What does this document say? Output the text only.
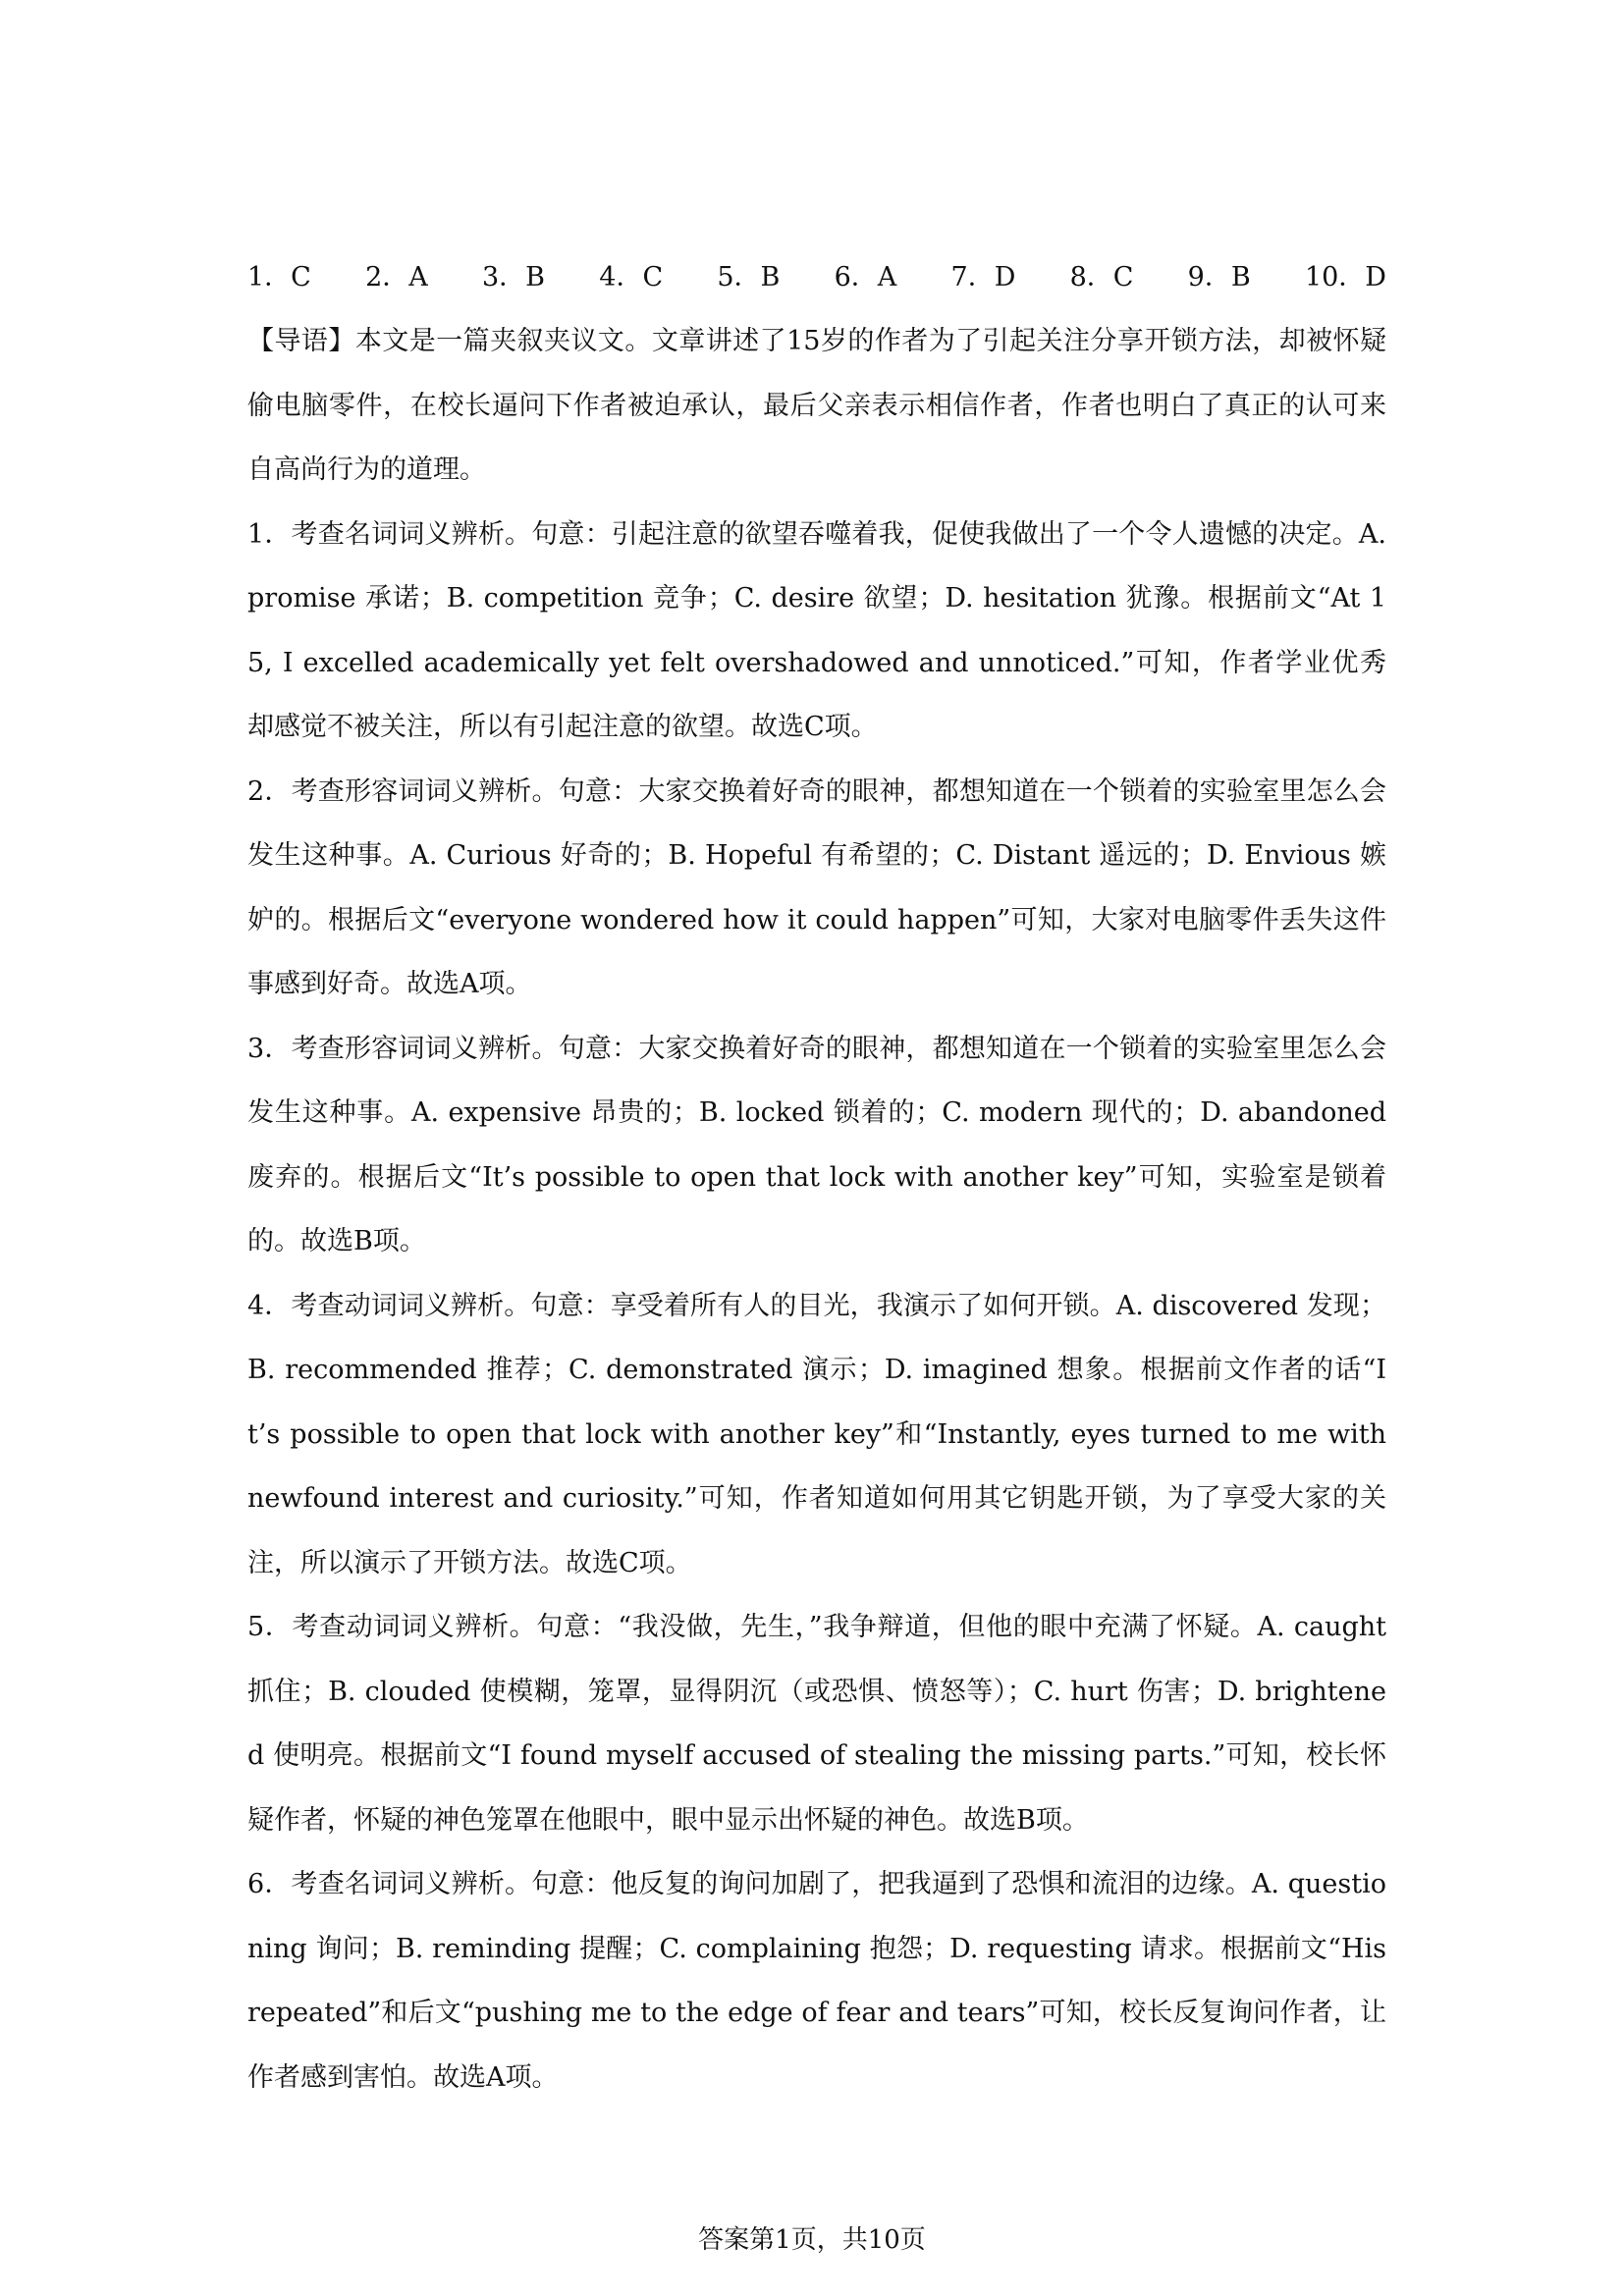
1．C 2．A 3．B 4．C 5．B 6．A 7．D 8．C 9．B 10．D

【导语】本文是一篇夹叙夹议文。文章讲述了15岁的作者为了引起关注分享开锁方法，却被怀疑偷电脑零件，在校长逼问下作者被迫承认，最后父亲表示相信作者，作者也明白了真正的认可来自高尚行为的道理。

1．考查名词词义辨析。句意：引起注意的欲望吞噬着我，促使我做出了一个令人遗憾的决定。A. promise 承诺；B. competition 竞争；C. desire 欲望；D. hesitation 犹豫。根据前文“At 15, I excelled academically yet felt overshadowed and unnoticed.”可知，作者学业优秀却感觉不被关注，所以有引起注意的欲望。故选C项。

2．考查形容词词义辨析。句意：大家交换着好奇的眼神，都想知道在一个锁着的实验室里怎么会发生这种事。A. Curious 好奇的；B. Hopeful 有希望的；C. Distant 遥远的；D. Envious 嫉妒的。根据后文“everyone wondered how it could happen”可知，大家对电脑零件丢失这件事感到好奇。故选A项。

3．考查形容词词义辨析。句意：大家交换着好奇的眼神，都想知道在一个锁着的实验室里怎么会发生这种事。A. expensive 昂贵的；B. locked 锁着的；C. modern 现代的；D. abandoned 废弃的。根据后文“It’s possible to open that lock with another key”可知，实验室是锁着的。故选B项。

4．考查动词词义辨析。句意：享受着所有人的目光，我演示了如何开锁。A. discovered 发现；B. recommended 推荐；C. demonstrated 演示；D. imagined 想象。根据前文作者的话“It’s possible to open that lock with another key”和“Instantly, eyes turned to me with newfound interest and curiosity.”可知，作者知道如何用其它钥匙开锁，为了享受大家的关注，所以演示了开锁方法。故选C项。

5．考查动词词义辨析。句意：“我没做，先生，”我争辩道，但他的眼中充满了怀疑。A. caught 抓住；B. clouded 使模糊，笼罩，显得阴沉（或恐惧、愤怒等）；C. hurt 伤害；D. brightened 使明亮。根据前文“I found myself accused of stealing the missing parts.”可知，校长怀疑作者，怀疑的神色笼罩在他眼中，眼中显示出怀疑的神色。故选B项。

6．考查名词词义辨析。句意：他反复的询问加剧了，把我逼到了恐惧和流泪的边缘。A. questioning 询问；B. reminding 提醒；C. complaining 抱怨；D. requesting 请求。根据前文“His repeated”和后文“pushing me to the edge of fear and tears”可知，校长反复询问作者，让作者感到害怕。故选A项。

答案第1页，共10页
